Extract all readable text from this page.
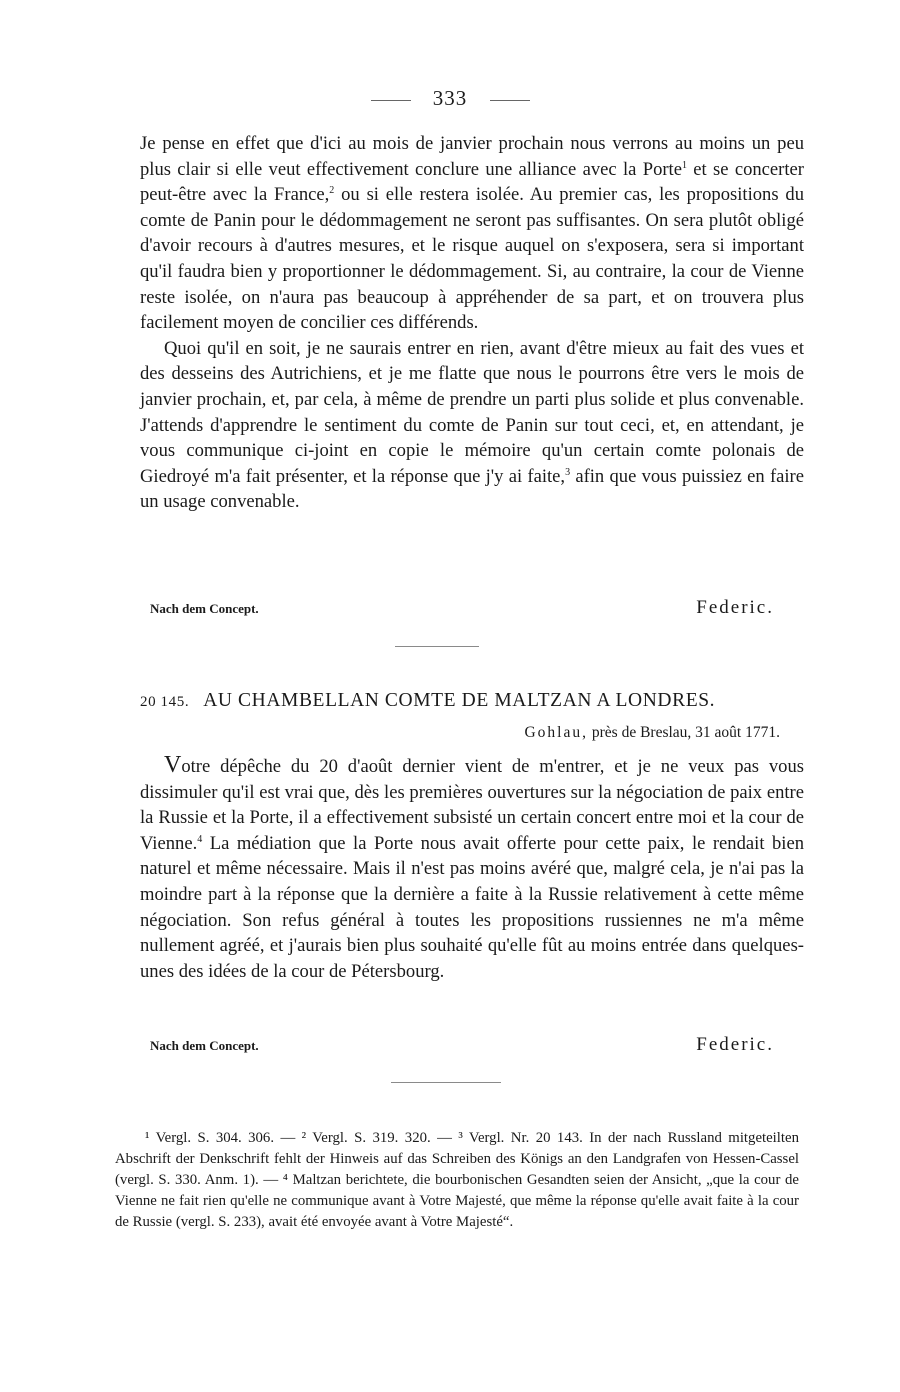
333

Je pense en effet que d'ici au mois de janvier prochain nous verrons au moins un peu plus clair si elle veut effectivement conclure une alliance avec la Porte$^1$ et se concerter peut-être avec la France,$^2$ ou si elle restera isolée. Au premier cas, les propositions du comte de Panin pour le dédommagement ne seront pas suffisantes. On sera plutôt obligé d'avoir recours à d'autres mesures, et le risque auquel on s'exposera, sera si important qu'il faudra bien y proportionner le dédommagement. Si, au contraire, la cour de Vienne reste isolée, on n'aura pas beaucoup à appréhender de sa part, et on trouvera plus facilement moyen de concilier ces différends.

Quoi qu'il en soit, je ne saurais entrer en rien, avant d'être mieux au fait des vues et des desseins des Autrichiens, et je me flatte que nous le pourrons être vers le mois de janvier prochain, et, par cela, à même de prendre un parti plus solide et plus convenable. J'attends d'apprendre le sentiment du comte de Panin sur tout ceci, et, en attendant, je vous communique ci-joint en copie le mémoire qu'un certain comte polonais de Giedroyé m'a fait présenter, et la réponse que j'y ai faite,$^3$ afin que vous puissiez en faire un usage convenable.

Nach dem Concept.	Federic.
20 145. AU CHAMBELLAN COMTE DE MALTZAN A LONDRES.
Gohlau, près de Breslau, 31 août 1771.

Votre dépêche du 20 d'août dernier vient de m'entrer, et je ne veux pas vous dissimuler qu'il est vrai que, dès les premières ouvertures sur la négociation de paix entre la Russie et la Porte, il a effectivement subsisté un certain concert entre moi et la cour de Vienne.$^4$ La médiation que la Porte nous avait offerte pour cette paix, le rendait bien naturel et même nécessaire. Mais il n'est pas moins avéré que, malgré cela, je n'ai pas la moindre part à la réponse que la dernière a faite à la Russie relativement à cette même négociation. Son refus général à toutes les propositions russiennes ne m'a même nullement agréé, et j'aurais bien plus souhaité qu'elle fût au moins entrée dans quelques-unes des idées de la cour de Pétersbourg.

Nach dem Concept.	Federic.

¹ Vergl. S. 304. 306. — ² Vergl. S. 319. 320. — ³ Vergl. Nr. 20 143. In der nach Russland mitgeteilten Abschrift der Denkschrift fehlt der Hinweis auf das Schreiben des Königs an den Landgrafen von Hessen-Cassel (vergl. S. 330. Anm. 1). — ⁴ Maltzan berichtete, die bourbonischen Gesandten seien der Ansicht, „que la cour de Vienne ne fait rien qu'elle ne communique avant à Votre Majesté, que même la réponse qu'elle avait faite à la cour de Russie (vergl. S. 233), avait été envoyée avant à Votre Majesté“.
